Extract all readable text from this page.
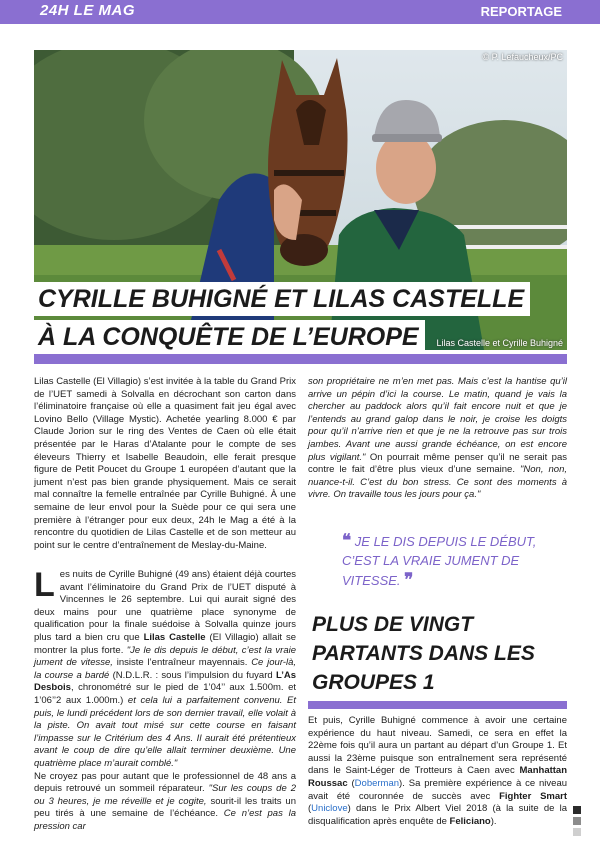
24H LE MAG	REPORTAGE
© P. Lefaucheux/PC
Lilas Castelle et Cyrille Buhigné
CYRILLE BUHIGNÉ ET LILAS CASTELLE
À LA CONQUÊTE DE L’EUROPE

Lilas Castelle (El Villagio) s’est invitée à la table du Grand Prix de l’UET samedi à Solvalla en décrochant son carton dans l’éliminatoire française où elle a quasiment fait jeu égal avec Lovino Bello (Village Mystic). Achetée yearling 8.000 € par Claude Jorion sur le ring des Ventes de Caen où elle était présentée par le Haras d’Atalante pour le compte de ses éleveurs Thierry et Isabelle Beaudoin, elle ferait presque figure de Petit Poucet du Groupe 1 européen d’autant que la jument n’est pas bien grande physiquement. Mais ce serait mal connaître la femelle entraînée par Cyrille Buhigné. À une semaine de leur envol pour la Suède pour ce qui sera une première à l’étranger pour eux deux, 24h le Mag a été à la rencontre du quotidien de Lilas Castelle et de son metteur au point sur le centre d’entraînement de Meslay-du-Maine.

Les nuits de Cyrille Buhigné (49 ans) étaient déjà courtes avant l’éliminatoire du Grand Prix de l’UET disputé à Vincennes le 26 septembre. Lui qui aurait signé des deux mains pour une quatrième place synonyme de qualification pour la finale suédoise à Solvalla quinze jours plus tard a bien cru que Lilas Castelle (El Villagio) allait se montrer la plus forte. "Je le dis depuis le début, c’est la vraie jument de vitesse, insiste l’entraîneur mayennais. Ce jour-là, la course a bardé (N.D.L.R. : sous l’impulsion du fuyard L’As Desbois, chronométré sur le pied de 1’04’’ aux 1.500m. et 1’06’’2 aux 1.000m.) et cela lui a parfaitement convenu. Et puis, le lundi précédent lors de son dernier travail, elle volait à la piste. On avait tout misé sur cette course en faisant l’impasse sur le Critérium des 4 Ans. Il aurait été prétentieux avant le coup de dire qu’elle allait terminer deuxième. Une quatrième place m’aurait comblé."

Ne croyez pas pour autant que le professionnel de 48 ans a depuis retrouvé un sommeil réparateur. "Sur les coups de 2 ou 3 heures, je me réveille et je cogite, sourit-il les traits un peu tirés à une semaine de l’échéance. Ce n’est pas la pression car

son propriétaire ne m’en met pas. Mais c’est la hantise qu’il arrive un pépin d’ici la course. Le matin, quand je vais la chercher au paddock alors qu’il fait encore nuit et que je l’entends au grand galop dans le noir, je croise les doigts pour qu’il n’arrive rien et que je ne la retrouve pas sur trois jambes. Avant une aussi grande échéance, on est encore plus vigilant." On pourrait même penser qu’il ne serait pas contre le fait d’être plus vieux d’une semaine. "Non, non, nuance-t-il. C’est du bon stress. Ce sont des moments à vivre. On travaille tous les jours pour ça."

❝ JE LE DIS DEPUIS LE DÉBUT, C’EST LA VRAIE JUMENT DE VITESSE. ❞
PLUS DE VINGT PARTANTS DANS LES GROUPES 1

Et puis, Cyrille Buhigné commence à avoir une certaine expérience du haut niveau. Samedi, ce sera en effet la 22ème fois qu’il aura un partant au départ d’un Groupe 1. Et aussi la 23ème puisque son entraînement sera représenté dans le Saint-Léger de Trotteurs à Caen avec Manhattan Roussac (Doberman). Sa première expérience à ce niveau avait été couronnée de succès avec Fighter Smart (Uniclove) dans le Prix Albert Viel 2018 (à la suite de la disqualification après enquête de Feliciano).
